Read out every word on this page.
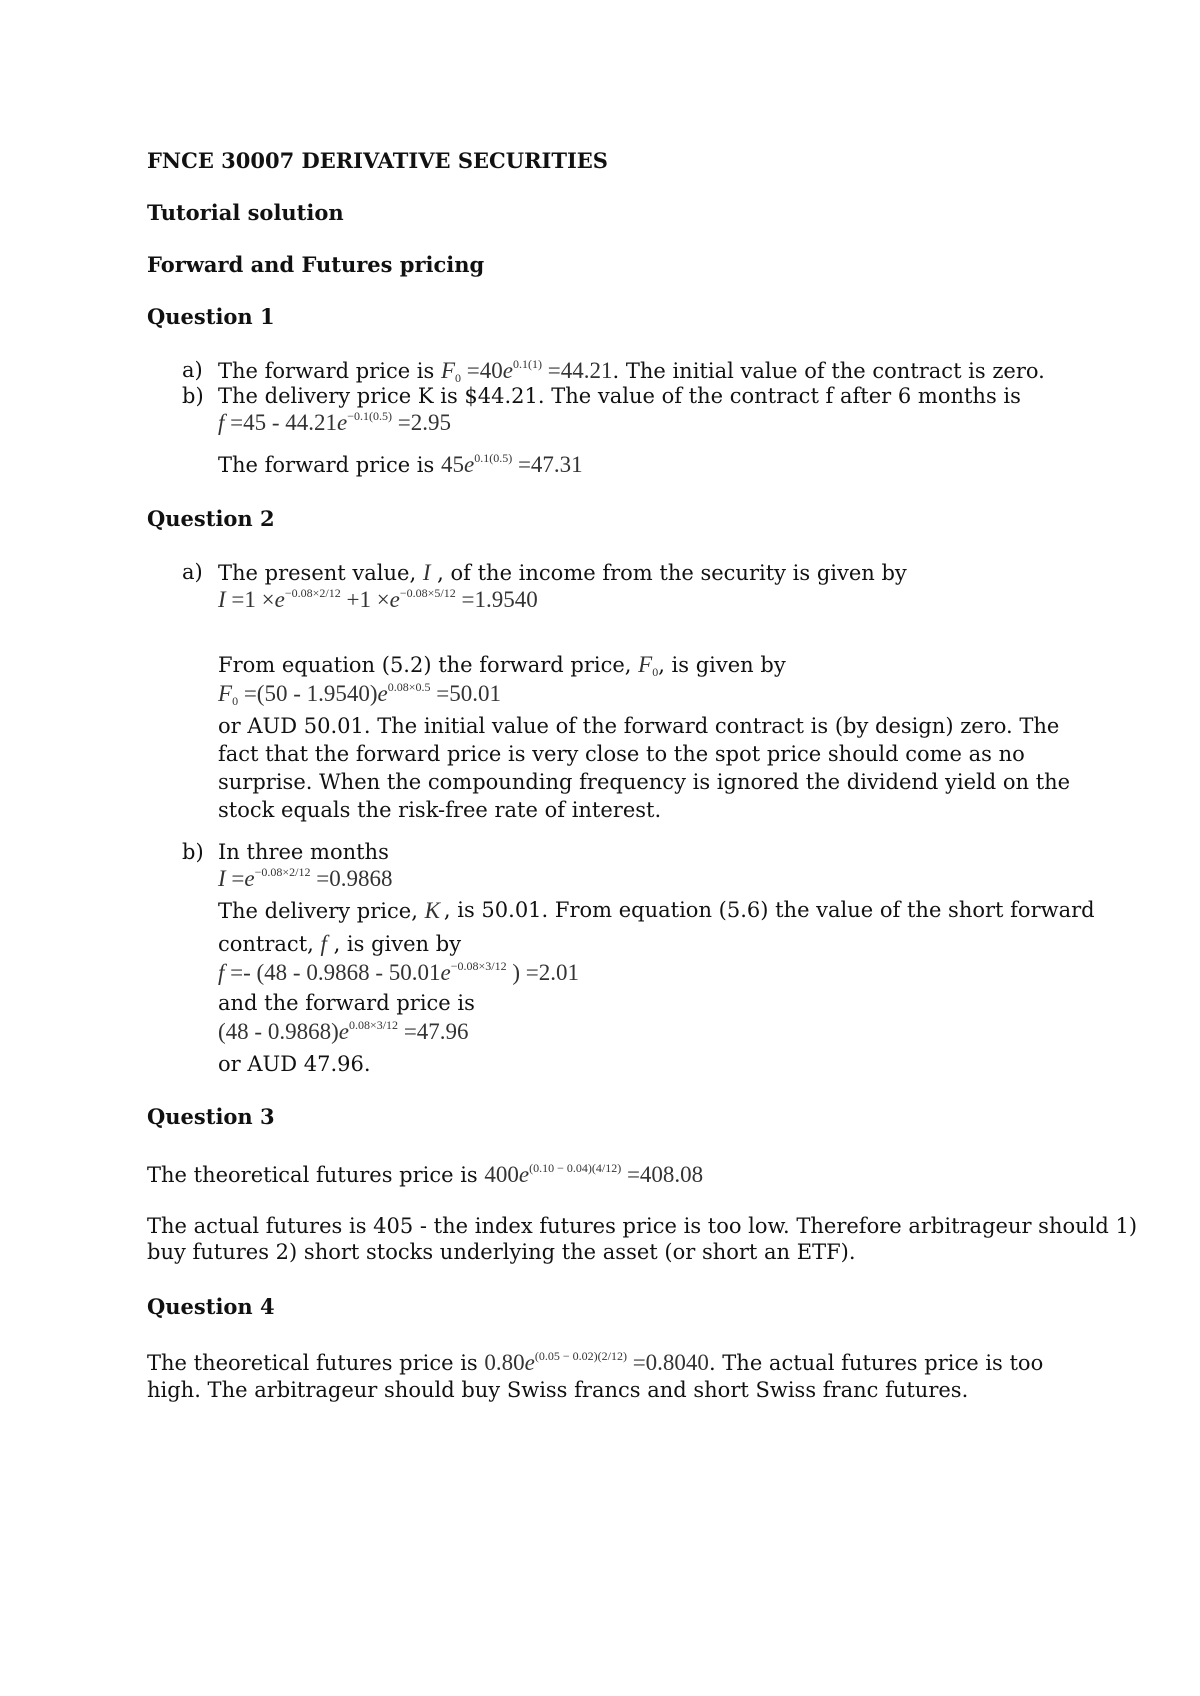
FNCE 30007 DERIVATIVE SECURITIES
Tutorial solution
Forward and Futures pricing
Question 1
a) The forward price is $F_0 =40e^{0.1(1)} =44.21$. The initial value of the contract is zero.
b) The delivery price K is $44.21. The value of the contract f after 6 months is
$f =45 - 44.21e^{-0.1(0.5)} =2.95$
The forward price is $45e^{0.1(0.5)} =47.31$
Question 2
a) The present value, I , of the income from the security is given by
$I =1 \times e^{-0.08\times 2/12} +1 \times e^{-0.08\times 5/12} =1.9540$
From equation (5.2) the forward price, $F_0$, is given by
$F_0 =(50 - 1.9540)e^{0.08\times 0.5} =50.01$
or AUD 50.01. The initial value of the forward contract is (by design) zero. The fact that the forward price is very close to the spot price should come as no surprise. When the compounding frequency is ignored the dividend yield on the stock equals the risk-free rate of interest.
b) In three months
$I =e^{-0.08\times 2/12} =0.9868$
The delivery price, K , is 50.01. From equation (5.6) the value of the short forward
contract, f , is given by
$f =- (48 - 0.9868 - 50.01e^{-0.08\times 3/12}$ ) =2.01
and the forward price is
$(48 - 0.9868)e^{0.08\times 3/12} =47.96$
or AUD 47.96.
Question 3
The theoretical futures price is $400e^{(0.10 - 0.04)(4/12)} =408.08$
The actual futures is 405 - the index futures price is too low. Therefore arbitrageur should 1)
buy futures 2) short stocks underlying the asset (or short an ETF).
Question 4
The theoretical futures price is $0.80e^{(0.05 - 0.02)(2/12)} =0.8040$. The actual futures price is too
high. The arbitrageur should buy Swiss francs and short Swiss franc futures.
